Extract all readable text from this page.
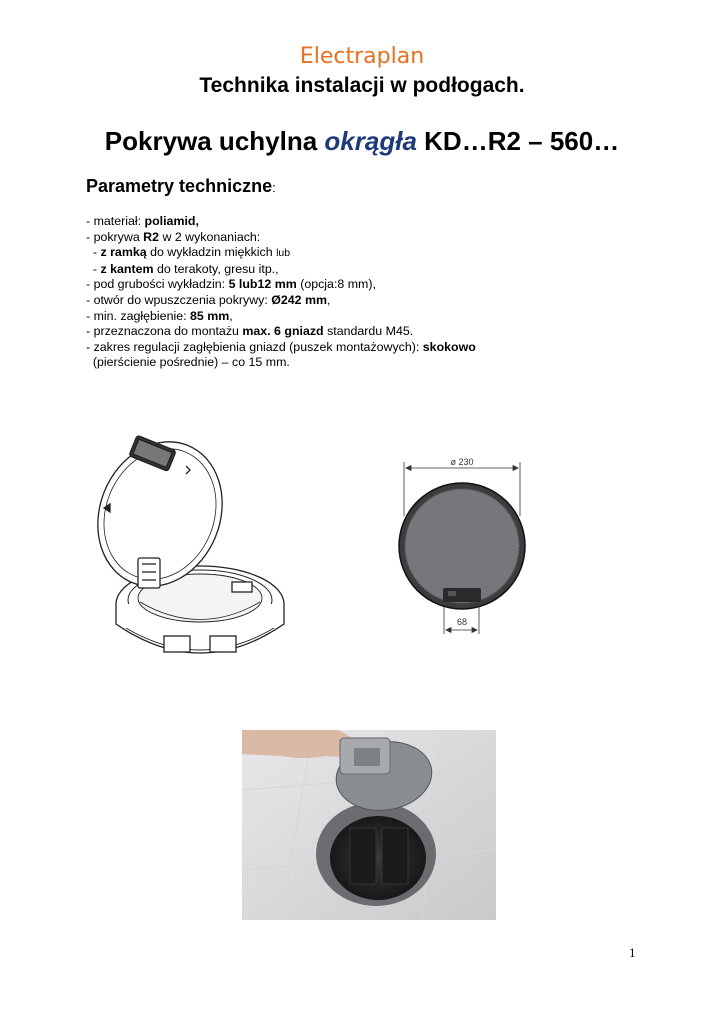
Electraplan
Technika instalacji w podłogach.
Pokrywa uchylna okrągła KD…R2 – 560…
Parametry techniczne:
- materiał: poliamid,
- pokrywa R2 w 2 wykonaniach:
- z ramką do wykładzin miękkich lub
- z kantem do terakoty, gresu itp.,
- pod grubości wykładzin: 5 lub12 mm (opcja:8 mm),
- otwór do wpuszczenia pokrywy: Ø242 mm,
- min. zagłębienie: 85 mm,
- przeznaczona do montażu max. 6 gniazd standardu M45.
- zakres regulacji zagłębienia gniazd (puszek montażowych): skokowo
(pierścienie pośrednie) – co 15 mm.
ø 230
68
1
